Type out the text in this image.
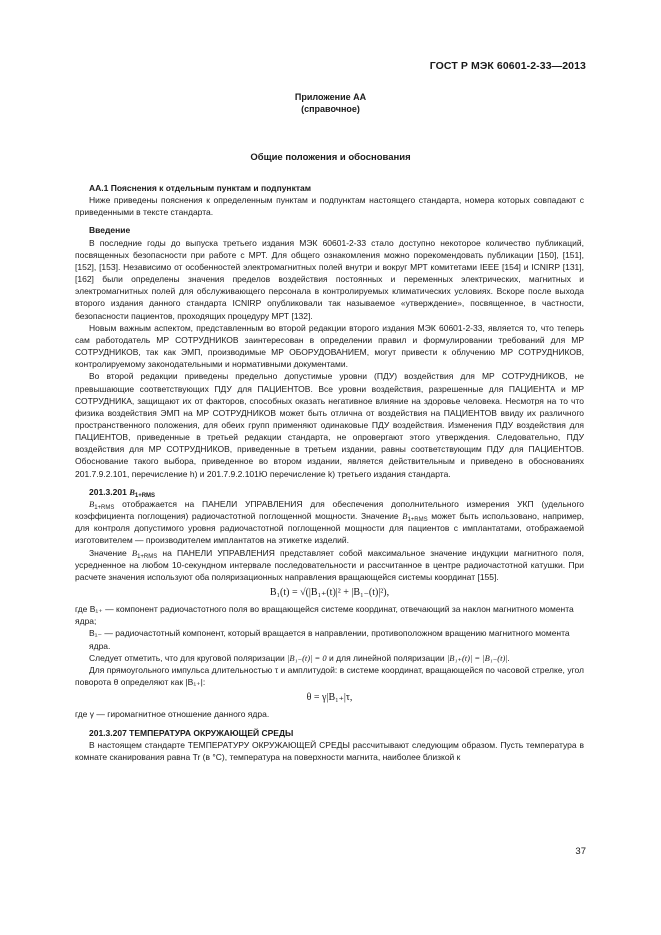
ГОСТ Р МЭК 60601-2-33—2013
Приложение АА
(справочное)
Общие положения и обоснования

АА.1 Пояснения к отдельным пунктам и подпунктам

Ниже приведены пояснения к определенным пунктам и подпунктам настоящего стандарта, номера которых совпадают с приведенными в тексте стандарта.

Введение

В последние годы до выпуска третьего издания МЭК 60601-2-33 стало доступно некоторое количество публикаций, посвященных безопасности при работе с МРТ. Для общего ознакомления можно порекомендовать публикации [150], [151], [152], [153]. Независимо от особенностей электромагнитных полей внутри и вокруг МРТ комитетами IEEE [154] и ICNIRP [131], [162] были определены значения пределов воздействия постоянных и переменных электрических, магнитных и электромагнитных полей для обслуживающего персонала в контролируемых климатических условиях. Вскоре после выхода второго издания данного стандарта ICNIRP опубликовали так называемое «утверждение», посвященное, в частности, безопасности пациентов, проходящих процедуру МРТ [132].

Новым важным аспектом, представленным во второй редакции второго издания МЭК 60601-2-33, является то, что теперь сам работодатель МР СОТРУДНИКОВ заинтересован в определении правил и формулировании требований для МР СОТРУДНИКОВ, так как ЭМП, производимые МР ОБОРУДОВАНИЕМ, могут привести к облучению МР СОТРУДНИКОВ, контролируемому законодательными и нормативными документами.

Во второй редакции приведены предельно допустимые уровни (ПДУ) воздействия для МР СОТРУДНИКОВ, не превышающие соответствующих ПДУ для ПАЦИЕНТОВ. Все уровни воздействия, разрешенные для ПАЦИЕНТА и МР СОТРУДНИКА, защищают их от факторов, способных оказать негативное влияние на здоровье человека. Несмотря на то что физика воздействия ЭМП на МР СОТРУДНИКОВ может быть отлична от воздействия на ПАЦИЕНТОВ ввиду их различного пространственного положения, для обеих групп применяют одинаковые ПДУ воздействия. Изменения ПДУ воздействия для ПАЦИЕНТОВ, приведенные в третьей редакции стандарта, не опровергают этого утверждения. Следовательно, ПДУ воздействия для МР СОТРУДНИКОВ, приведенные в третьем издании, равны соответствующим ПДУ для ПАЦИЕНТОВ. Обоснование такого выбора, приведенное во втором издании, является действительным и приведено в обоснованиях 201.7.9.2.101, перечисление h) и 201.7.9.2.101Ю перечисление k) третьего издания стандарта.

201.3.201 $B_{1+RMS}$

$B_{1+RMS}$ отображается на ПАНЕЛИ УПРАВЛЕНИЯ для обеспечения дополнительного измерения УКП (удельного коэффициента поглощения) радиочастотной поглощенной мощности. Значение $B_{1+RMS}$ может быть использовано, например, для контроля допустимого уровня радиочастотной поглощенной мощности для пациентов с имплантатами, отображаемой изготовителем — производителем имплантатов на этикетке изделий.

Значение $B_{1+RMS}$ на ПАНЕЛИ УПРАВЛЕНИЯ представляет собой максимальное значение индукции магнитного поля, усредненное на любом 10-секундном интервале последовательности и рассчитанное в центре радиочастотной катушки. При расчете значения используют оба поляризационных направления вращающейся системы координат [155].

B₁(t) = √(|B₁₊(t)|² + |B₁₋(t)|²),

где B₁₊ — компонент радиочастотного поля во вращающейся системе координат, отвечающий за наклон магнитного момента ядра;

B₁₋ — радиочастотный компонент, который вращается в направлении, противоположном вращению магнитного момента ядра.

Следует отметить, что для круговой поляризации |B₁₋(t)| = 0 и для линейной поляризации |B₁₊(t)| = |B₁₋(t)|.

Для прямоугольного импульса длительностью τ и амплитудой: в системе координат, вращающейся по часовой стрелке, угол поворота θ определяют как |B₁₊|:

θ = γ|B₁₊|τ,

где γ — гиромагнитное отношение данного ядра.

201.3.207 ТЕМПЕРАТУРА ОКРУЖАЮЩЕЙ СРЕДЫ

В настоящем стандарте ТЕМПЕРАТУРУ ОКРУЖАЮЩЕЙ СРЕДЫ рассчитывают следующим образом. Пусть температура в комнате сканирования равна Tr (в °C), температура на поверхности магнита, наиболее близкой к

37
